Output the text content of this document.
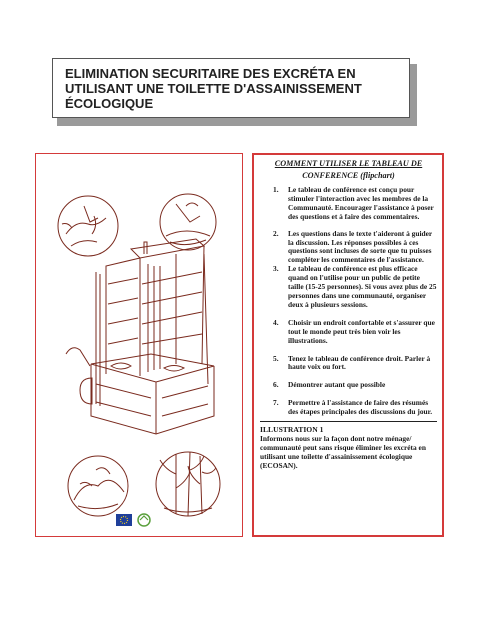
ELIMINATION SECURITAIRE DES EXCRÉTA EN

UTILISANT UNE TOILETTE D'ASSAINISSEMENT

ÉCOLOGIQUE

COMMENT UTILISER LE TABLEAU DE
CONFERENCE (flipchart)
1. Le tableau de conférence est conçu pour stimuler l'interaction avec les membres de la Communauté. Encourager l'assistance à poser des questions et à faire des commentaires.
2. Les questions dans le texte t'aideront à guider la discussion. Les réponses possibles à ces questions sont incluses de sorte que tu puisses compléter les commentaires de l'assistance.
3. Le tableau de conférence est plus efficace quand on l'utilise pour un public de petite taille (15-25 personnes). Si vous avez plus de 25 personnes dans une communauté, organiser deux à plusieurs sessions.
4. Choisir un endroit confortable et s'assurer que tout le monde peut très bien voir les illustrations.
5. Tenez le tableau de conférence droit. Parler à haute voix ou fort.
6. Démontrer autant que possible
7. Permettre à l'assistance de faire des résumés des étapes principales des discussions du jour.

ILLUSTRATION 1

Informons nous sur la façon dont notre ménage/ communauté peut sans risque éliminer les excréta en utilisant une toilette d'assainissement écologique (ECOSAN).
